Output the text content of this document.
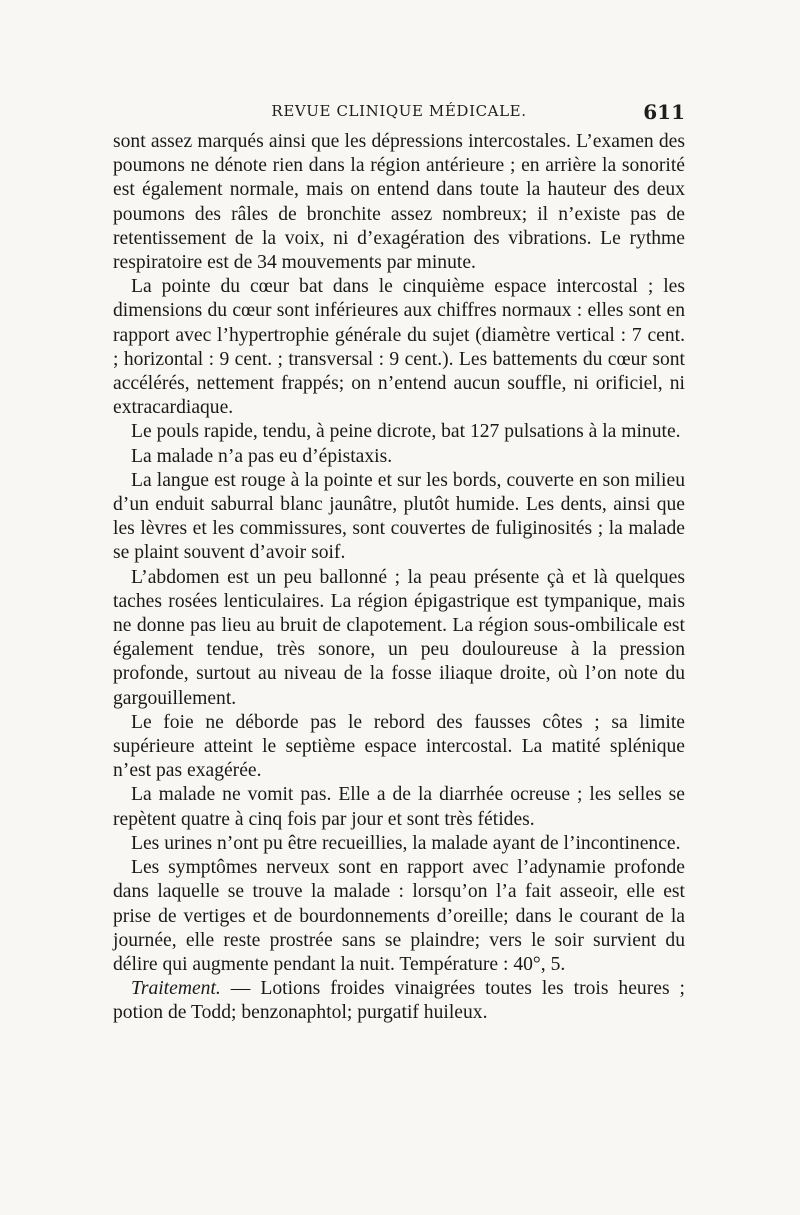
REVUE CLINIQUE MÉDICALE.	611

sont assez marqués ainsi que les dépressions intercostales. L’examen des poumons ne dénote rien dans la région antérieure ; en arrière la sonorité est également normale, mais on entend dans toute la hauteur des deux poumons des râles de bronchite assez nombreux; il n’existe pas de retentissement de la voix, ni d’exagération des vibrations. Le rythme respiratoire est de 34 mouvements par minute.

La pointe du cœur bat dans le cinquième espace intercostal ; les dimensions du cœur sont inférieures aux chiffres normaux : elles sont en rapport avec l’hypertrophie générale du sujet (diamètre vertical : 7 cent. ; horizontal : 9 cent. ; transversal : 9 cent.). Les battements du cœur sont accélérés, nettement frappés; on n’entend aucun souffle, ni orificiel, ni extracardiaque.

Le pouls rapide, tendu, à peine dicrote, bat 127 pulsations à la minute.

La malade n’a pas eu d’épistaxis.

La langue est rouge à la pointe et sur les bords, couverte en son milieu d’un enduit saburral blanc jaunâtre, plutôt humide. Les dents, ainsi que les lèvres et les commissures, sont couvertes de fuliginosités ; la malade se plaint souvent d’avoir soif.

L’abdomen est un peu ballonné ; la peau présente çà et là quelques taches rosées lenticulaires. La région épigastrique est tympanique, mais ne donne pas lieu au bruit de clapotement. La région sous-ombilicale est également tendue, très sonore, un peu douloureuse à la pression profonde, surtout au niveau de la fosse iliaque droite, où l’on note du gargouillement.

Le foie ne déborde pas le rebord des fausses côtes ; sa limite supérieure atteint le septième espace intercostal. La matité splénique n’est pas exagérée.

La malade ne vomit pas. Elle a de la diarrhée ocreuse ; les selles se repètent quatre à cinq fois par jour et sont très fétides.

Les urines n’ont pu être recueillies, la malade ayant de l’incontinence.

Les symptômes nerveux sont en rapport avec l’adynamie profonde dans laquelle se trouve la malade : lorsqu’on l’a fait asseoir, elle est prise de vertiges et de bourdonnements d’oreille; dans le courant de la journée, elle reste prostrée sans se plaindre; vers le soir survient du délire qui augmente pendant la nuit. Température : 40°, 5.

Traitement. — Lotions froides vinaigrées toutes les trois heures ; potion de Todd; benzonaphtol; purgatif huileux.
